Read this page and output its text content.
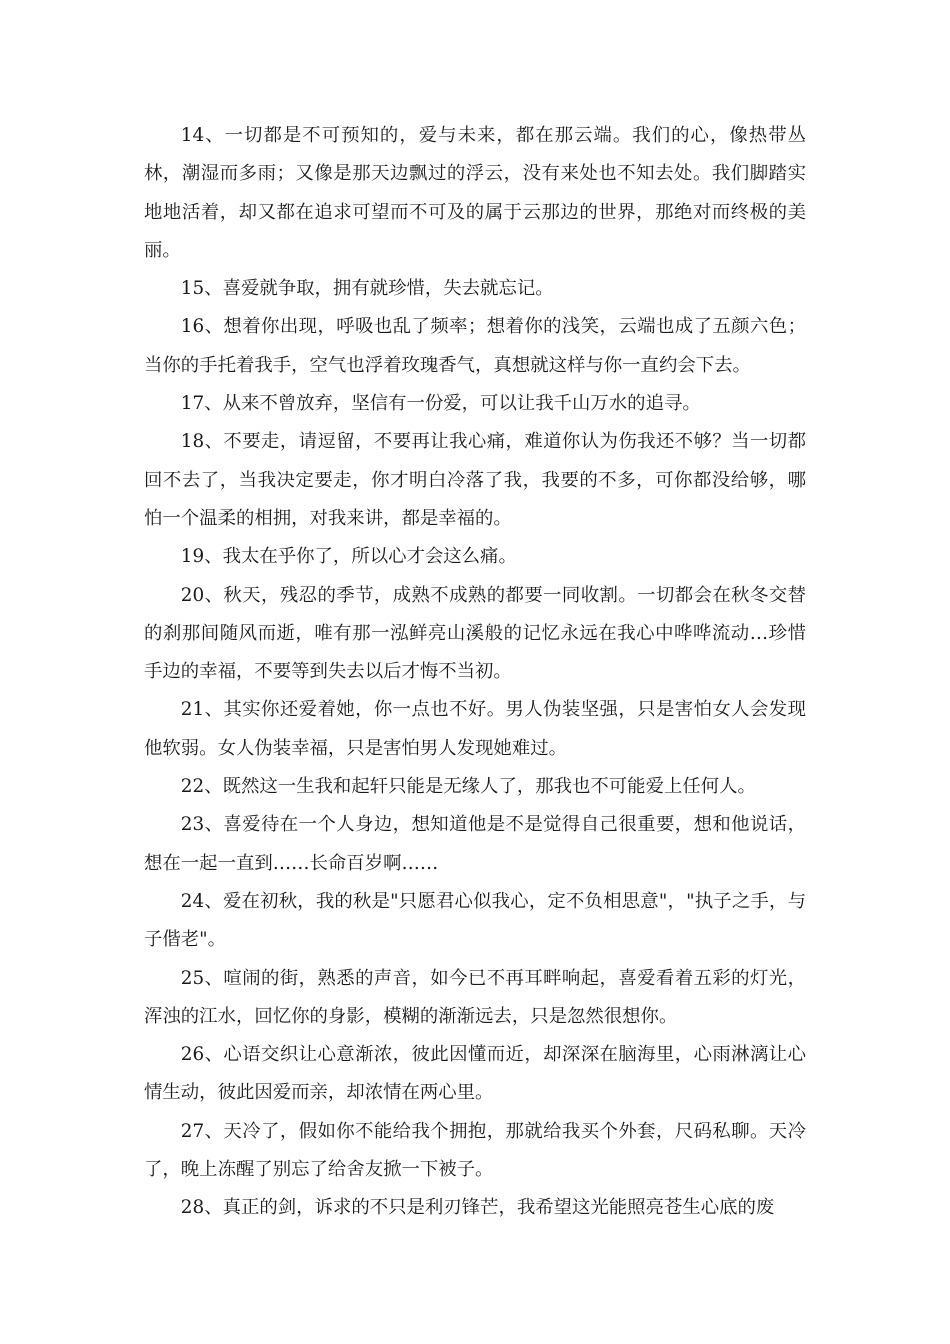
14、一切都是不可预知的，爱与未来，都在那云端。我们的心，像热带丛林，潮湿而多雨；又像是那天边飘过的浮云，没有来处也不知去处。我们脚踏实地地活着，却又都在追求可望而不可及的属于云那边的世界，那绝对而终极的美丽。

15、喜爱就争取，拥有就珍惜，失去就忘记。

16、想着你出现，呼吸也乱了频率；想着你的浅笑，云端也成了五颜六色；当你的手托着我手，空气也浮着玫瑰香气，真想就这样与你一直约会下去。

17、从来不曾放弃，坚信有一份爱，可以让我千山万水的追寻。

18、不要走，请逗留，不要再让我心痛，难道你认为伤我还不够？当一切都回不去了，当我决定要走，你才明白冷落了我，我要的不多，可你都没给够，哪怕一个温柔的相拥，对我来讲，都是幸福的。

19、我太在乎你了，所以心才会这么痛。

20、秋天，残忍的季节，成熟不成熟的都要一同收割。一切都会在秋冬交替的刹那间随风而逝，唯有那一泓鲜亮山溪般的记忆永远在我心中哗哗流动…珍惜手边的幸福，不要等到失去以后才悔不当初。

21、其实你还爱着她，你一点也不好。男人伪装坚强，只是害怕女人会发现他软弱。女人伪装幸福，只是害怕男人发现她难过。

22、既然这一生我和起轩只能是无缘人了，那我也不可能爱上任何人。

23、喜爱待在一个人身边，想知道他是不是觉得自己很重要，想和他说话，想在一起一直到……长命百岁啊……

24、爱在初秋，我的秋是"只愿君心似我心，定不负相思意"，"执子之手，与子偕老"。

25、喧闹的街，熟悉的声音，如今已不再耳畔响起，喜爱看着五彩的灯光，浑浊的江水，回忆你的身影，模糊的渐渐远去，只是忽然很想你。

26、心语交织让心意渐浓，彼此因懂而近，却深深在脑海里，心雨淋漓让心情生动，彼此因爱而亲，却浓情在两心里。

27、天冷了，假如你不能给我个拥抱，那就给我买个外套，尺码私聊。天冷了，晚上冻醒了别忘了给舍友掀一下被子。

28、真正的剑，诉求的不只是利刃锋芒，我希望这光能照亮苍生心底的废
